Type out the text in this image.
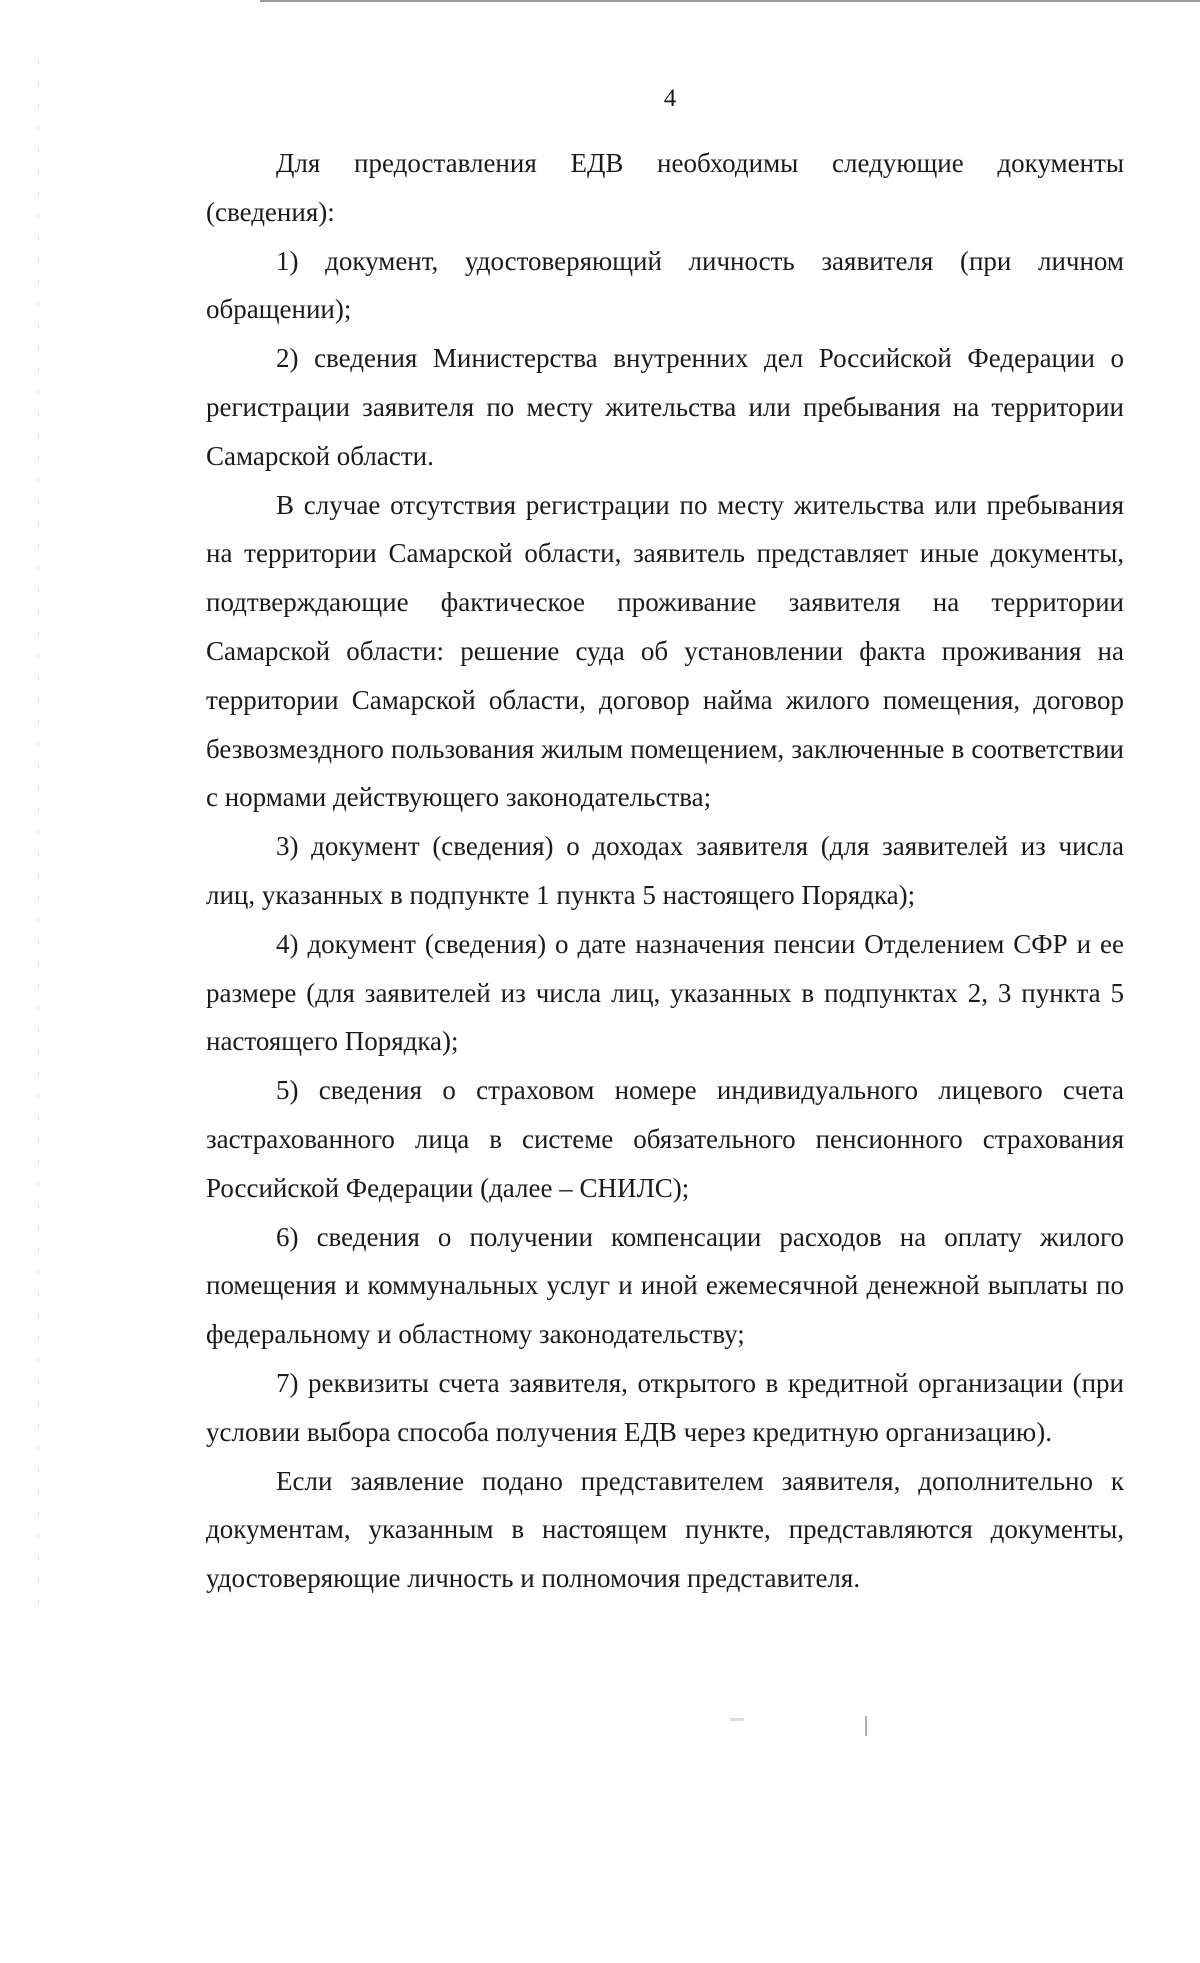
4

Для предоставления ЕДВ необходимы следующие документы (сведения):

1) документ, удостоверяющий личность заявителя (при личном обращении);

2) сведения Министерства внутренних дел Российской Федерации о регистрации заявителя по месту жительства или пребывания на территории Самарской области.

В случае отсутствия регистрации по месту жительства или пребывания на территории Самарской области, заявитель представляет иные документы, подтверждающие фактическое проживание заявителя на территории Самарской области: решение суда об установлении факта проживания на территории Самарской области, договор найма жилого помещения, договор безвозмездного пользования жилым помещением, заключенные в соответствии с нормами действующего законодательства;

3) документ (сведения) о доходах заявителя (для заявителей из числа лиц, указанных в подпункте 1 пункта 5 настоящего Порядка);

4) документ (сведения) о дате назначения пенсии Отделением СФР и ее размере (для заявителей из числа лиц, указанных в подпунктах 2, 3 пункта 5 настоящего Порядка);

5) сведения о страховом номере индивидуального лицевого счета застрахованного лица в системе обязательного пенсионного страхования Российской Федерации (далее – СНИЛС);

6) сведения о получении компенсации расходов на оплату жилого помещения и коммунальных услуг и иной ежемесячной денежной выплаты по федеральному и областному законодательству;

7) реквизиты счета заявителя, открытого в кредитной организации (при условии выбора способа получения ЕДВ через кредитную организацию).

Если заявление подано представителем заявителя, дополнительно к документам, указанным в настоящем пункте, представляются документы, удостоверяющие личность и полномочия представителя.
